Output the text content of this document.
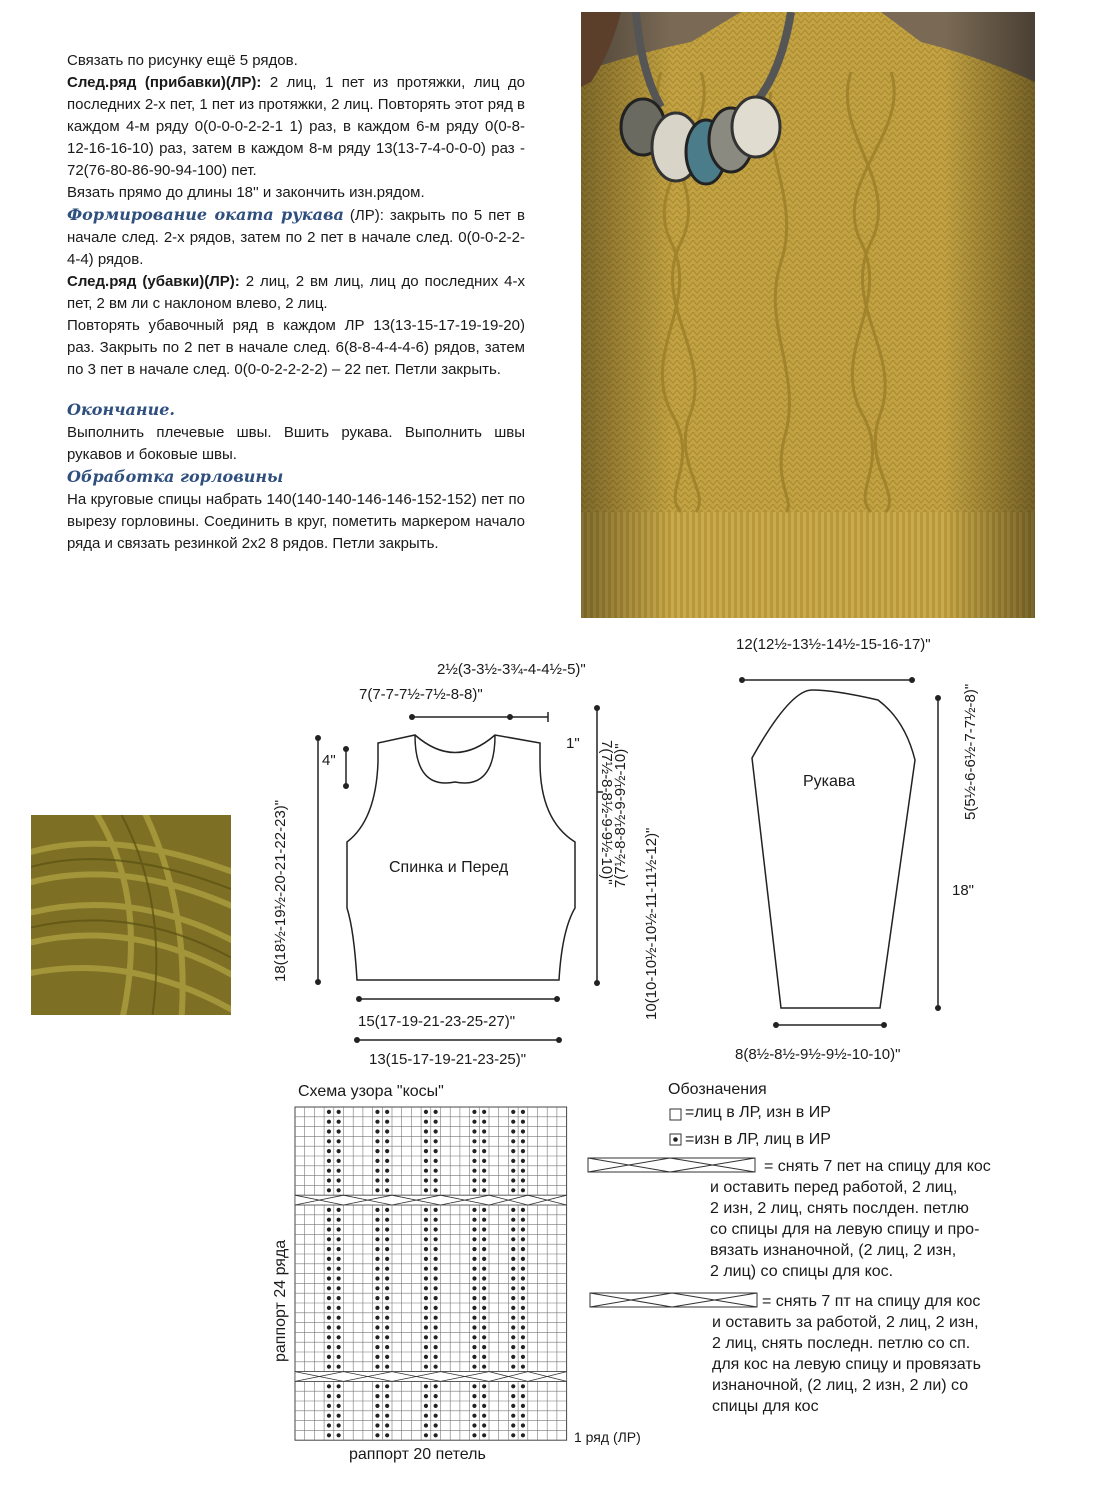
Связать по рисунку ещё 5 рядов.

След.ряд (прибавки)(ЛР): 2 лиц, 1 пет из протяжки, лиц до последних 2-х пет, 1 пет из протяжки, 2 лиц. Повторять этот ряд в каждом 4-м ряду 0(0-0-0-2-2-1 1) раз, в каждом 6-м ряду 0(0-8-12-16-16-10) раз, затем в каждом 8-м ряду 13(13-7-4-0-0-0) раз - 72(76-80-86-90-94-100) пет.

Вязать прямо до длины 18'' и закончить изн.рядом.

Формирование оката рукава (ЛР): закрыть по 5 пет в начале след. 2-х рядов, затем по 2 пет в начале след. 0(0-0-2-2-4-4) рядов.

След.ряд (убавки)(ЛР): 2 лиц, 2 вм лиц, лиц до последних 4-х пет, 2 вм ли с наклоном влево, 2 лиц.

Повторять убавочный ряд в каждом ЛР 13(13-15-17-19-19-20) раз. Закрыть по 2 пет в начале след. 6(8-8-4-4-4-6) рядов, затем по 3 пет в начале след. 0(0-0-2-2-2-2) – 22 пет. Петли закрыть.

Окончание.

Выполнить плечевые швы. Вшить рукава. Выполнить швы рукавов и боковые швы.

Обработка горловины

На круговые спицы набрать 140(140-140-146-146-152-152) пет по вырезу горловины. Соединить в круг, пометить маркером начало ряда и связать резинкой 2х2 8 рядов. Петли закрыть.

2½(3-3½-3¾-4-4½-5)"
7(7-7-7½-7½-8-8)"
4"
1"
Спинка и Перед
15(17-19-21-23-25-27)"
13(15-17-19-21-23-25)"
18(18½-19½-20-21-22-23)"	7(7½-8-8½-9-9½-10)"
7(7½-8-8½-9-9½-10)"
10(10-10½-10½-11-11½-12)"
12(12½-13½-14½-15-16-17)"
Рукава	5(5½-6-6½-7-7½-8)"
18"
8(8½-8½-9½-9½-10-10)"
Схема узора "косы"
раппорт 24 ряда
раппорт 20 петель
1 ряд (ЛР)
Обозначения
=лиц в ЛР, изн в ИР
=изн в ЛР, лиц в ИР
= снять 7 пет на спицу для кос
и оставить перед работой, 2 лиц,
2 изн, 2 лиц, снять послден. петлю
со спицы для на левую спицу и про-
вязать изнаночной, (2 лиц, 2 изн,
2 лиц) со спицы для кос.
= снять 7 пт на спицу для кос
и оставить за работой, 2 лиц, 2 изн,
2 лиц, снять последн. петлю со сп.
для кос на левую спицу и провязать
изнаночной, (2 лиц, 2 изн, 2 ли) со
спицы для кос
